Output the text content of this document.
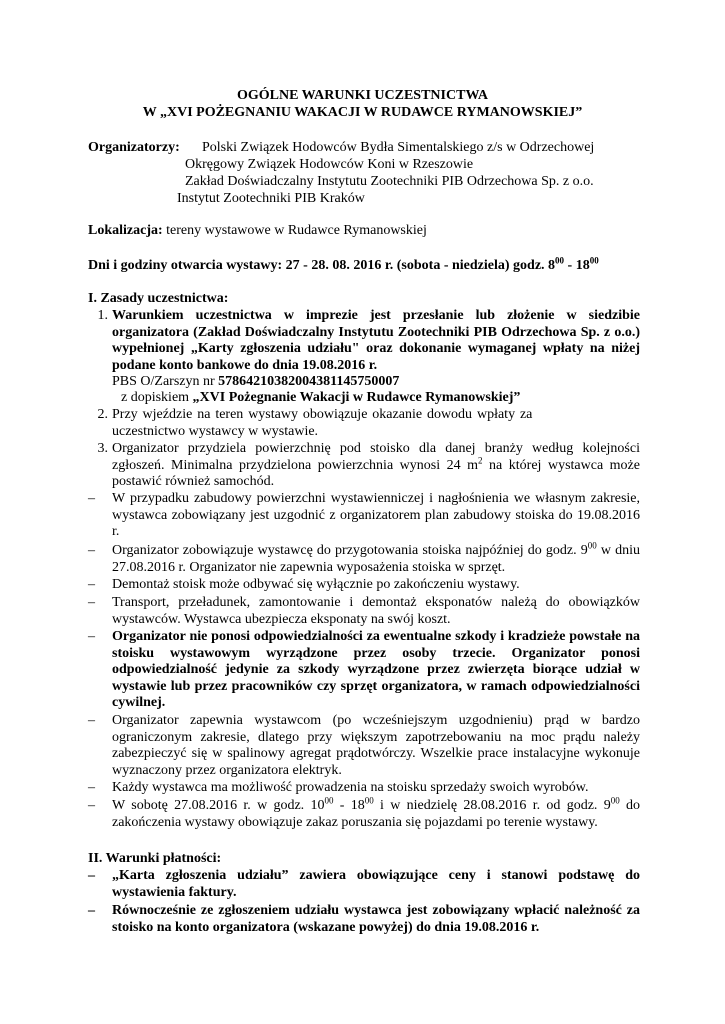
OGÓLNE WARUNKI UCZESTNICTWA
W „XVI POŻEGNANIU WAKACJI W RUDAWCE RYMANOWSKIEJ”
Organizatorzy: Polski Związek Hodowców Bydła Simentalskiego z/s w Odrzechowej
Okręgowy Związek Hodowców Koni w Rzeszowie
Zakład Doświadczalny Instytutu Zootechniki PIB Odrzechowa Sp. z o.o.
Instytut Zootechniki PIB Kraków
Lokalizacja: tereny wystawowe w Rudawce Rymanowskiej
Dni i godziny otwarcia wystawy: 27 - 28. 08. 2016 r. (sobota - niedziela) godz. $8^{00} - 18^{00}$
I. Zasady uczestnictwa:
1. Warunkiem uczestnictwa w imprezie jest przesłanie lub złożenie w siedzibie organizatora (Zakład Doświadczalny Instytutu Zootechniki PIB Odrzechowa Sp. z o.o.) wypełnionej „Karty zgłoszenia udziału" oraz dokonanie wymaganej wpłaty na niżej podane konto bankowe do dnia 19.08.2016 r.
PBS O/Zarszyn nr 57864210382004381145750007
z dopiskiem „XVI Pożegnanie Wakacji w Rudawce Rymanowskiej”
2. Przy wjeździe na teren wystawy obowiązuje okazanie dowodu wpłaty za
uczestnictwo wystawcy w wystawie.
3. Organizator przydziela powierzchnię pod stoisko dla danej branży według kolejności zgłoszeń. Minimalna przydzielona powierzchnia wynosi 24 $m^2$ na której wystawca może postawić również samochód.
–	W przypadku zabudowy powierzchni wystawienniczej i nagłośnienia we własnym zakresie, wystawca zobowiązany jest uzgodnić z organizatorem plan zabudowy stoiska do 19.08.2016 r.
–	Organizator zobowiązuje wystawcę do przygotowania stoiska najpóźniej do godz. $9^{00}$ w dniu 27.08.2016 r. Organizator nie zapewnia wyposażenia stoiska w sprzęt.
–	Demontaż stoisk może odbywać się wyłącznie po zakończeniu wystawy.
–	Transport, przeładunek, zamontowanie i demontaż eksponatów należą do obowiązków wystawców. Wystawca ubezpiecza eksponaty na swój koszt.
–	Organizator nie ponosi odpowiedzialności za ewentualne szkody i kradzieże powstałe na stoisku wystawowym wyrządzone przez osoby trzecie. Organizator ponosi odpowiedzialność jedynie za szkody wyrządzone przez zwierzęta biorące udział w wystawie lub przez pracowników czy sprzęt organizatora, w ramach odpowiedzialności cywilnej.
–	Organizator zapewnia wystawcom (po wcześniejszym uzgodnieniu) prąd w bardzo ograniczonym zakresie, dlatego przy większym zapotrzebowaniu na moc prądu należy zabezpieczyć się w spalinowy agregat prądotwórczy. Wszelkie prace instalacyjne wykonuje wyznaczony przez organizatora elektryk.
–	Każdy wystawca ma możliwość prowadzenia na stoisku sprzedaży swoich wyrobów.
–	W sobotę 27.08.2016 r. w godz. $10^{00} - 18^{00}$ i w niedzielę 28.08.2016 r. od godz. $9^{00}$ do zakończenia wystawy obowiązuje zakaz poruszania się pojazdami po terenie wystawy.
II. Warunki płatności:
–	„Karta zgłoszenia udziału” zawiera obowiązujące ceny i stanowi podstawę do wystawienia faktury.
–	Równocześnie ze zgłoszeniem udziału wystawca jest zobowiązany wpłacić należność za stoisko na konto organizatora (wskazane powyżej) do dnia 19.08.2016 r.
